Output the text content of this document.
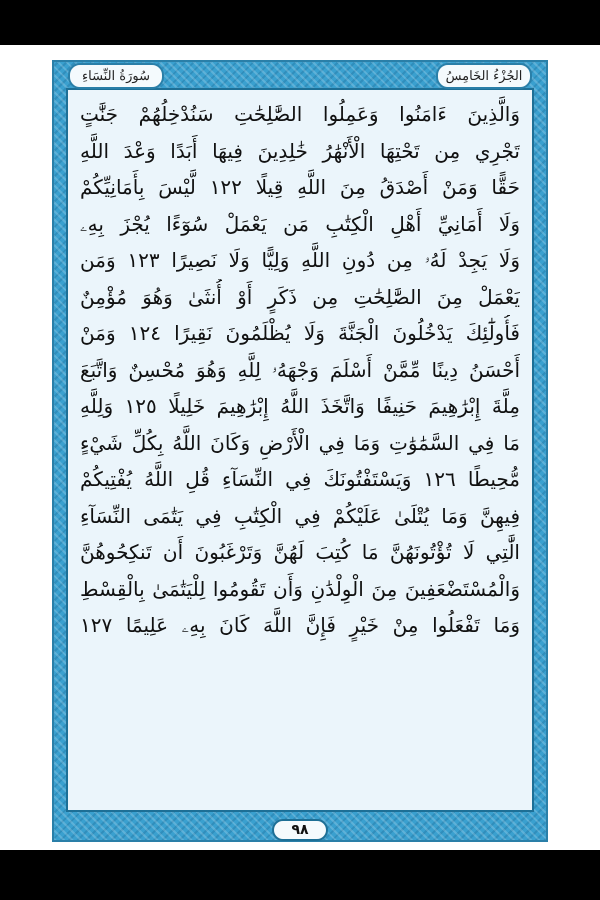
الجُزْءُ الخَامِسُ
سُورَةُ النِّسَاءِ
وَالَّذِينَ ءَامَنُوا وَعَمِلُوا الصَّٰلِحَٰتِ سَنُدْخِلُهُمْ جَنَّٰتٍ
تَجْرِي مِن تَحْتِهَا الْأَنْهَٰرُ خَٰلِدِينَ فِيهَا أَبَدًا وَعْدَ اللَّهِ
حَقًّا وَمَنْ أَصْدَقُ مِنَ اللَّهِ قِيلًا ١٢٢ لَّيْسَ بِأَمَانِيِّكُمْ
وَلَا أَمَانِيِّ أَهْلِ الْكِتَٰبِ مَن يَعْمَلْ سُوٓءًا يُجْزَ بِهِۦ
وَلَا يَجِدْ لَهُۥ مِن دُونِ اللَّهِ وَلِيًّا وَلَا نَصِيرًا ١٢٣ وَمَن
يَعْمَلْ مِنَ الصَّٰلِحَٰتِ مِن ذَكَرٍ أَوْ أُنثَىٰ وَهُوَ مُؤْمِنٌ
فَأُولَٰٓئِكَ يَدْخُلُونَ الْجَنَّةَ وَلَا يُظْلَمُونَ نَقِيرًا ١٢٤ وَمَنْ
أَحْسَنُ دِينًا مِّمَّنْ أَسْلَمَ وَجْهَهُۥ لِلَّهِ وَهُوَ مُحْسِنٌ وَاتَّبَعَ
مِلَّةَ إِبْرَٰهِيمَ حَنِيفًا وَاتَّخَذَ اللَّهُ إِبْرَٰهِيمَ خَلِيلًا ١٢٥ وَلِلَّهِ
مَا فِي السَّمَٰوَٰتِ وَمَا فِي الْأَرْضِ وَكَانَ اللَّهُ بِكُلِّ شَيْءٍ
مُّحِيطًا ١٢٦ وَيَسْتَفْتُونَكَ فِي النِّسَآءِ قُلِ اللَّهُ يُفْتِيكُمْ
فِيهِنَّ وَمَا يُتْلَىٰ عَلَيْكُمْ فِي الْكِتَٰبِ فِي يَتَٰمَى النِّسَآءِ
الَّٰتِي لَا تُؤْتُونَهُنَّ مَا كُتِبَ لَهُنَّ وَتَرْغَبُونَ أَن تَنكِحُوهُنَّ
وَالْمُسْتَضْعَفِينَ مِنَ الْوِلْدَٰنِ وَأَن تَقُومُوا لِلْيَتَٰمَىٰ بِالْقِسْطِ
وَمَا تَفْعَلُوا مِنْ خَيْرٍ فَإِنَّ اللَّهَ كَانَ بِهِۦ عَلِيمًا ١٢٧
٩٨
